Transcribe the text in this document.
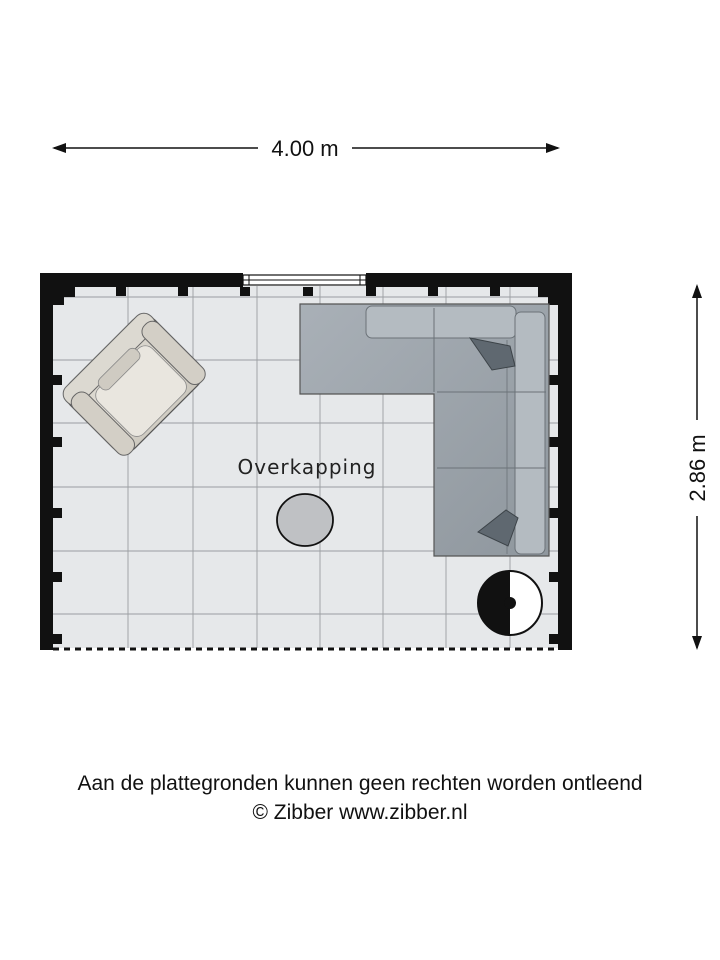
4.00 m
2.86 m
Overkapping
Aan de plattegronden kunnen geen rechten worden ontleend
© Zibber www.zibber.nl
